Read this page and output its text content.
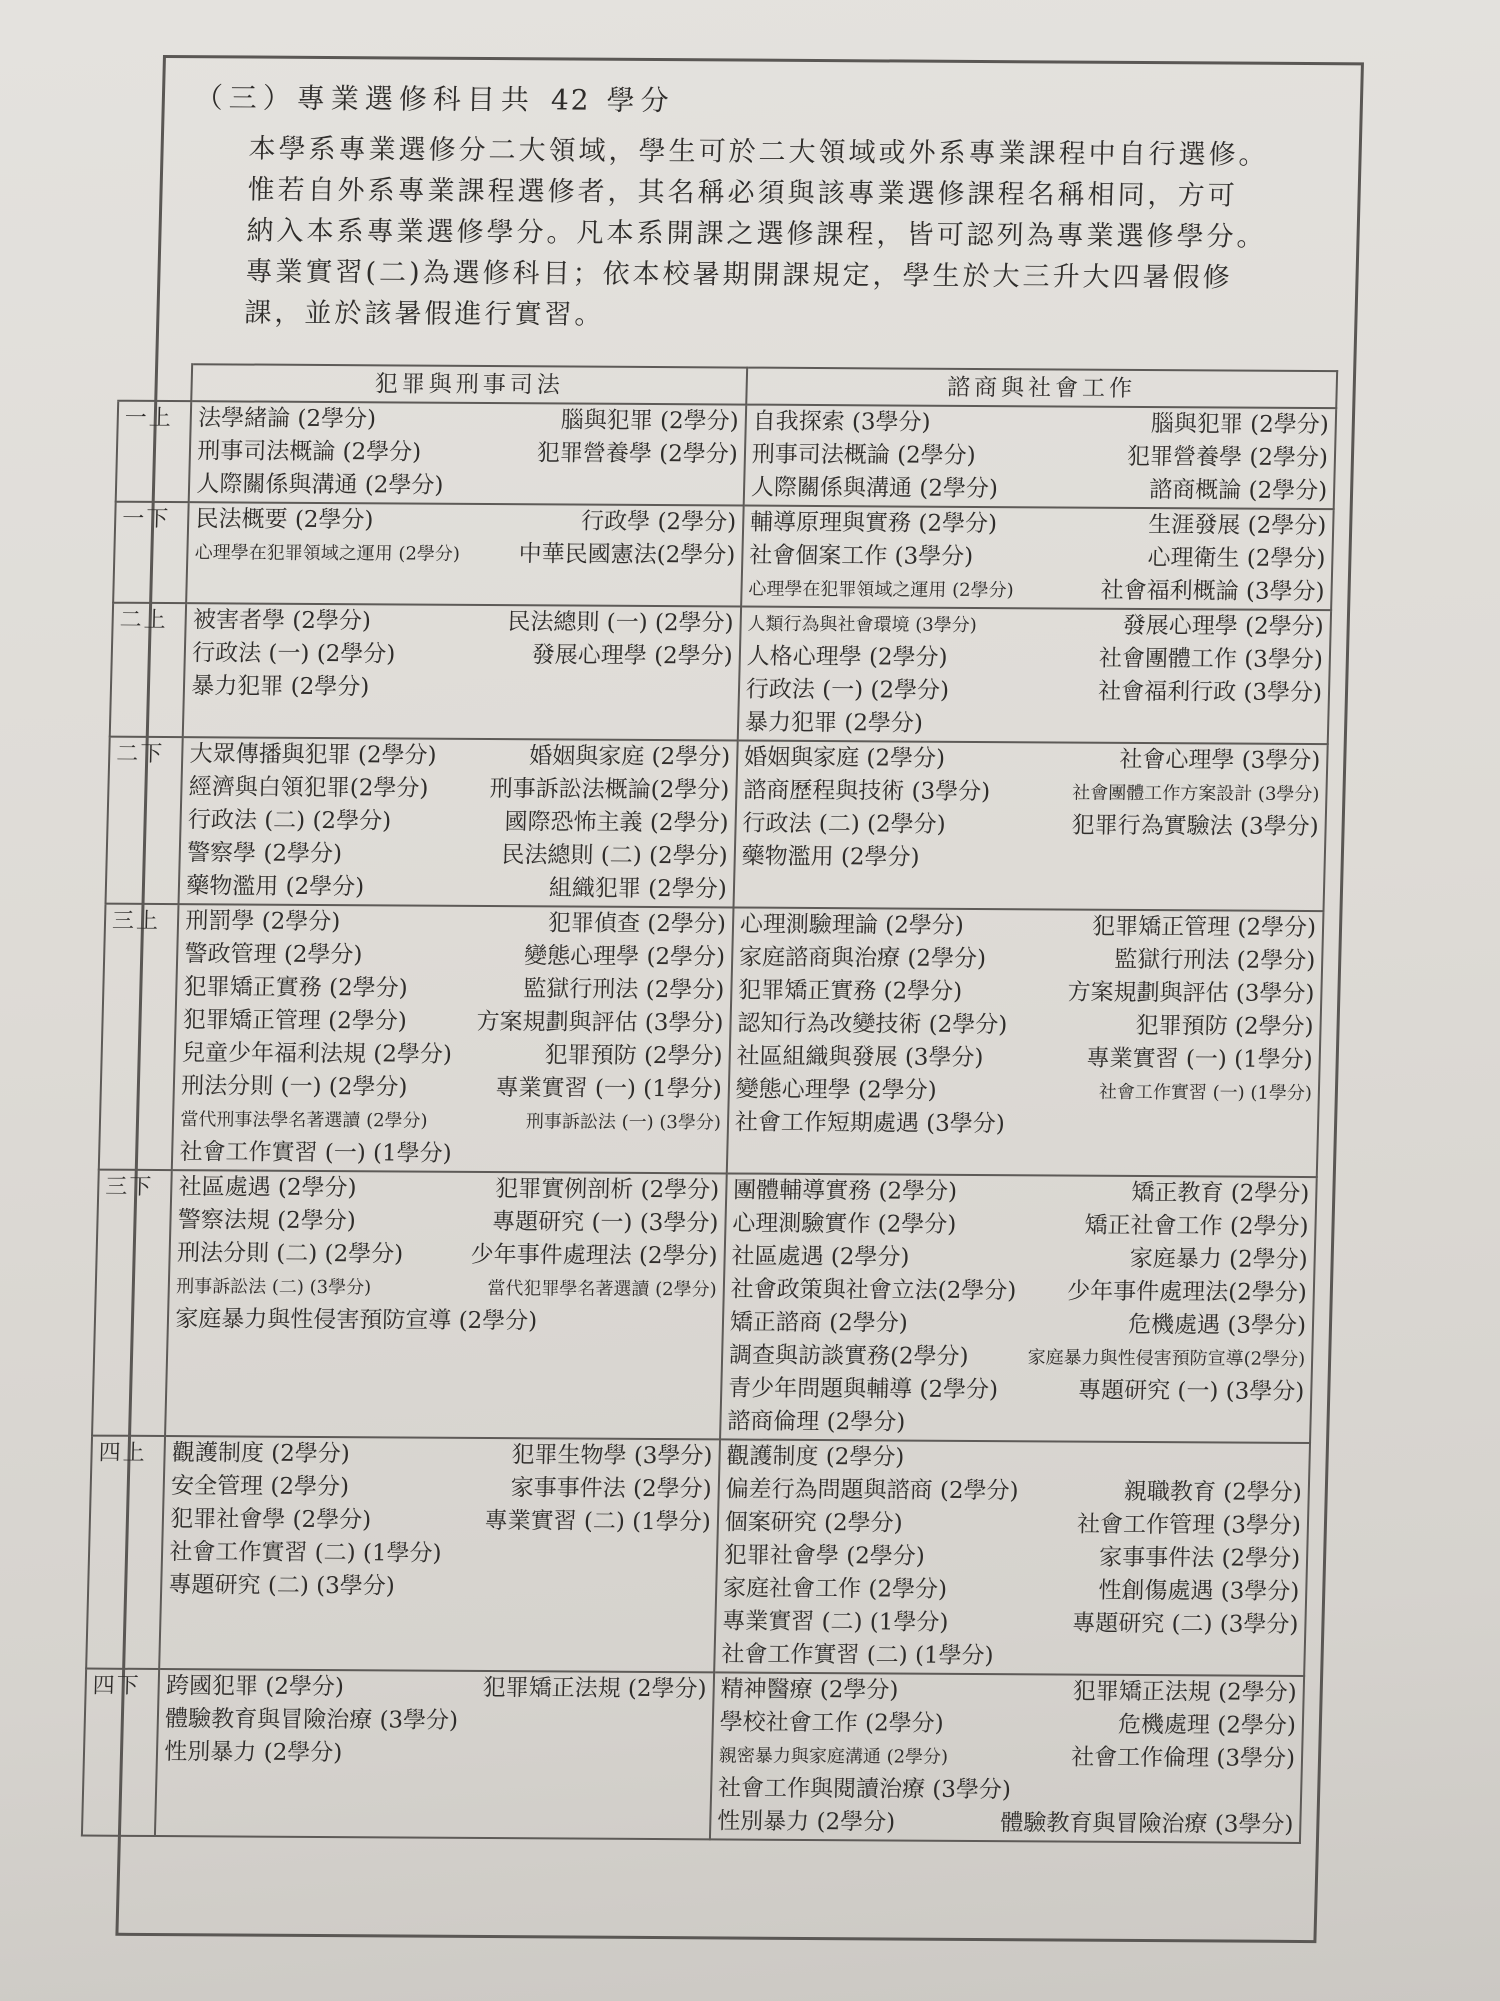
（三）專業選修科目共 42 學分

本學系專業選修分二大領域，學生可於二大領域或外系專業課程中自行選修。

惟若自外系專業課程選修者，其名稱必須與該專業選修課程名稱相同，方可

納入本系專業選修學分。凡本系開課之選修課程，皆可認列為專業選修學分。

專業實習(二)為選修科目；依本校暑期開課規定，學生於大三升大四暑假修

課，並於該暑假進行實習。

	犯罪與刑事司法	諮商與社會工作
一上	法學緒論 (2學分)	腦與犯罪 (2學分)
刑事司法概論 (2學分)	犯罪營養學 (2學分)
人際關係與溝通 (2學分)

自我探索 (3學分)	腦與犯罪 (2學分)
刑事司法概論 (2學分)	犯罪營養學 (2學分)
人際關係與溝通 (2學分)	諮商概論 (2學分)

一下	民法概要 (2學分)	行政學 (2學分)
心理學在犯罪領域之運用 (2學分)	中華民國憲法(2學分)

輔導原理與實務 (2學分)	生涯發展 (2學分)
社會個案工作 (3學分)	心理衛生 (2學分)
心理學在犯罪領域之運用 (2學分)	社會福利概論 (3學分)

二上	被害者學 (2學分)	民法總則 (一) (2學分)
行政法 (一) (2學分)	發展心理學 (2學分)
暴力犯罪 (2學分)

人類行為與社會環境 (3學分)	發展心理學 (2學分)
人格心理學 (2學分)	社會團體工作 (3學分)
行政法 (一) (2學分)	社會福利行政 (3學分)
暴力犯罪 (2學分)

二下	大眾傳播與犯罪 (2學分)	婚姻與家庭 (2學分)
經濟與白領犯罪(2學分)	刑事訴訟法概論(2學分)
行政法 (二) (2學分)	國際恐怖主義 (2學分)
警察學 (2學分)	民法總則 (二) (2學分)
藥物濫用 (2學分)	組織犯罪 (2學分)

婚姻與家庭 (2學分)	社會心理學 (3學分)
諮商歷程與技術 (3學分)	社會團體工作方案設計 (3學分)
行政法 (二) (2學分)	犯罪行為實驗法 (3學分)
藥物濫用 (2學分)

三上	刑罰學 (2學分)	犯罪偵查 (2學分)
警政管理 (2學分)	變態心理學 (2學分)
犯罪矯正實務 (2學分)	監獄行刑法 (2學分)
犯罪矯正管理 (2學分)	方案規劃與評估 (3學分)
兒童少年福利法規 (2學分)	犯罪預防 (2學分)
刑法分則 (一) (2學分)	專業實習 (一) (1學分)
當代刑事法學名著選讀 (2學分)	刑事訴訟法 (一) (3學分)
社會工作實習 (一) (1學分)

心理測驗理論 (2學分)	犯罪矯正管理 (2學分)
家庭諮商與治療 (2學分)	監獄行刑法 (2學分)
犯罪矯正實務 (2學分)	方案規劃與評估 (3學分)
認知行為改變技術 (2學分)	犯罪預防 (2學分)
社區組織與發展 (3學分)	專業實習 (一) (1學分)
變態心理學 (2學分)	社會工作實習 (一) (1學分)
社會工作短期處遇 (3學分)

三下	社區處遇 (2學分)	犯罪實例剖析 (2學分)
警察法規 (2學分)	專題研究 (一) (3學分)
刑法分則 (二) (2學分)	少年事件處理法 (2學分)
刑事訴訟法 (二) (3學分)	當代犯罪學名著選讀 (2學分)
家庭暴力與性侵害預防宣導 (2學分)

團體輔導實務 (2學分)	矯正教育 (2學分)
心理測驗實作 (2學分)	矯正社會工作 (2學分)
社區處遇 (2學分)	家庭暴力 (2學分)
社會政策與社會立法(2學分) 少年事件處理法(2學分)
矯正諮商 (2學分)	危機處遇 (3學分)
調查與訪談實務(2學分)	家庭暴力與性侵害預防宣導(2學分)
青少年問題與輔導 (2學分)	專題研究 (一) (3學分)
諮商倫理 (2學分)

四上	觀護制度 (2學分)	犯罪生物學 (3學分)
安全管理 (2學分)	家事事件法 (2學分)
犯罪社會學 (2學分)	專業實習 (二) (1學分)
社會工作實習 (二) (1學分)
專題研究 (二) (3學分)

觀護制度 (2學分)
偏差行為問題與諮商 (2學分)	親職教育 (2學分)
個案研究 (2學分)	社會工作管理 (3學分)
犯罪社會學 (2學分)	家事事件法 (2學分)
家庭社會工作 (2學分)	性創傷處遇 (3學分)
專業實習 (二) (1學分)	專題研究 (二) (3學分)
社會工作實習 (二) (1學分)

四下	跨國犯罪 (2學分)	犯罪矯正法規 (2學分)
體驗教育與冒險治療 (3學分)
性別暴力 (2學分)

精神醫療 (2學分)	犯罪矯正法規 (2學分)
學校社會工作 (2學分)	危機處理 (2學分)
親密暴力與家庭溝通 (2學分)	社會工作倫理 (3學分)
社會工作與閱讀治療 (3學分)
性別暴力 (2學分)	體驗教育與冒險治療 (3學分)
